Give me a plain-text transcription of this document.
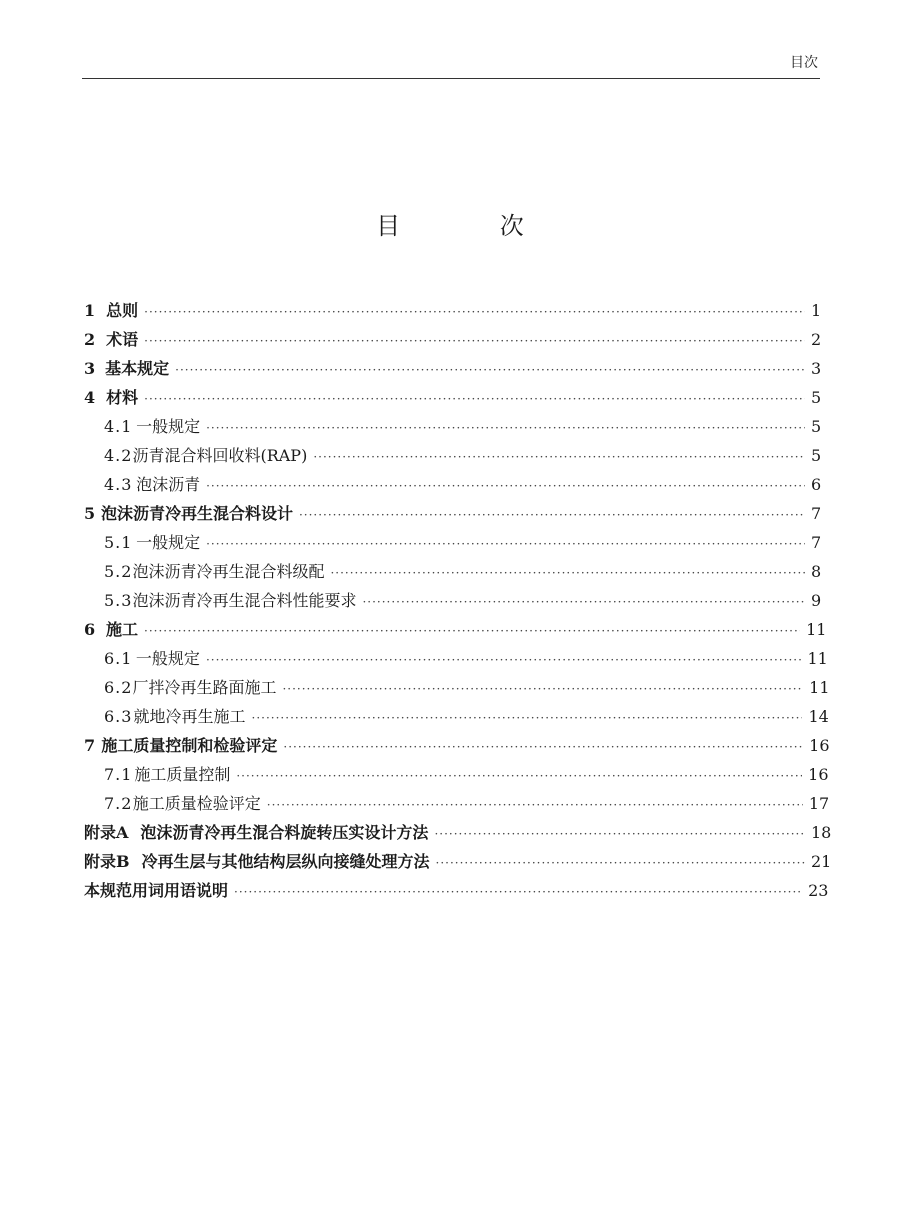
目次
目 次
1 总则 ·····	1
2 术语 ·····	2
3 基本规定 ·····	3
4 材料 ·····	5
4.1 一般规定 ·····	5
4.2 沥青混合料回收料(RAP) ·····	5
4.3 泡沫沥青 ·····	6
5 泡沫沥青冷再生混合料设计 ·····	7
5.1 一般规定 ·····	7
5.2 泡沫沥青冷再生混合料级配 ·····	8
5.3 泡沫沥青冷再生混合料性能要求 ·····	9
6 施工 ·····	11
6.1 一般规定 ·····	11
6.2 厂拌冷再生路面施工 ·····	11
6.3 就地冷再生施工 ·····	14
7 施工质量控制和检验评定 ·····	16
7.1 施工质量控制 ·····	16
7.2 施工质量检验评定 ·····	17
附录A 泡沫沥青冷再生混合料旋转压实设计方法 ·····	18
附录B 冷再生层与其他结构层纵向接缝处理方法 ·····	21
本规范用词用语说明 ·····	23
